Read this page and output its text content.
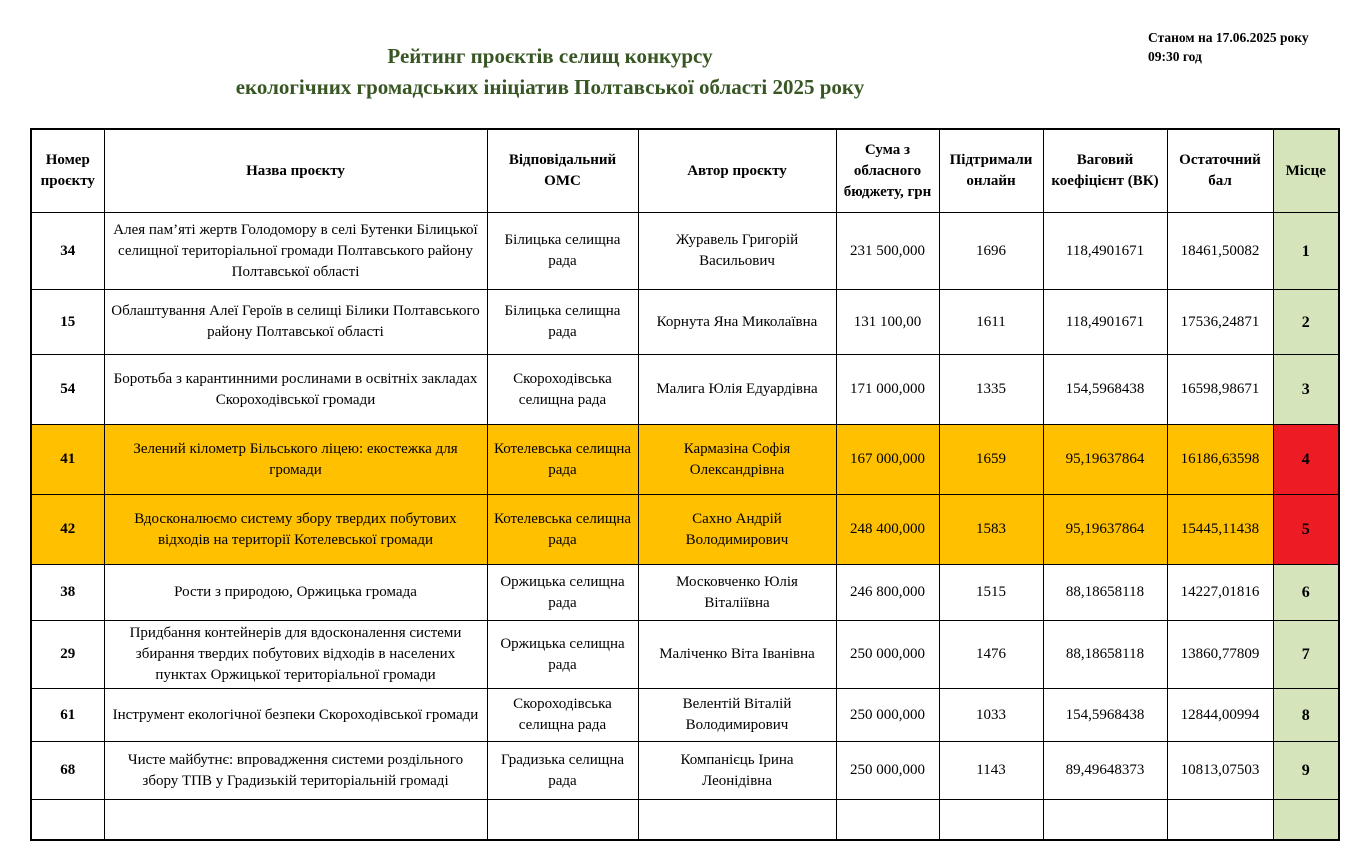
Рейтинг проєктів селищ конкурсу
екологічних громадських ініціатив Полтавської області 2025 року
Станом на 17.06.2025 року
09:30 год
Номер проєкту	Назва проєкту	Відповідальний ОМС	Автор проєкту	Сума з обласного бюджету, грн	Підтримали онлайн	Ваговий коефіцієнт (ВК)	Остаточний бал	Місце
34	Алея пам’яті жертв Голодомору в селі Бутенки Білицької селищної територіальної громади Полтавського району Полтавської області	Білицька селищна рада	Журавель Григорій Васильович	231 500,000	1696	118,4901671	18461,50082	1
15	Облаштування Алеї Героїв в селищі Білики Полтавського району Полтавської області	Білицька селищна рада	Корнута Яна Миколаївна	131 100,00	1611	118,4901671	17536,24871	2
54	Боротьба з карантинними рослинами в освітніх закладах Скороходівської громади	Скороходівська селищна рада	Малига Юлія Едуардівна	171 000,000	1335	154,5968438	16598,98671	3
41	Зелений кілометр Більського ліцею: екостежка для громади	Котелевська селищна рада	Кармазіна Софія Олександрівна	167 000,000	1659	95,19637864	16186,63598	4
42	Вдосконалюємо систему збору твердих побутових відходів на території Котелевської громади	Котелевська селищна рада	Сахно Андрій Володимирович	248 400,000	1583	95,19637864	15445,11438	5
38	Рости з природою, Оржицька громада	Оржицька селищна рада	Московченко Юлія Віталіївна	246 800,000	1515	88,18658118	14227,01816	6
29	Придбання контейнерів для вдосконалення системи збирання твердих побутових відходів в населених пунктах Оржицької територіальної громади	Оржицька селищна рада	Маліченко Віта Іванівна	250 000,000	1476	88,18658118	13860,77809	7
61	Інструмент екологічної безпеки Скороходівської громади	Скороходівська селищна рада	Велентій Віталій Володимирович	250 000,000	1033	154,5968438	12844,00994	8
68	Чисте майбутнє: впровадження системи роздільного збору ТПВ у Градизькій територіальній громаді	Градизька селищна рада	Компанієць Ірина Леонідівна	250 000,000	1143	89,49648373	10813,07503	9
